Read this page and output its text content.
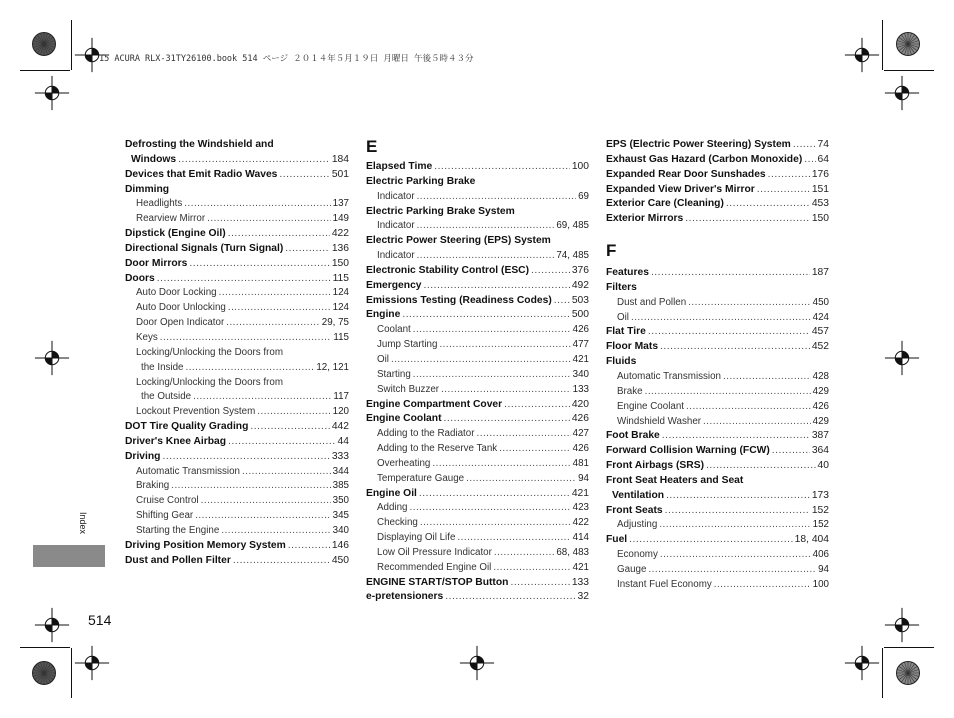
15 ACURA RLX-31TY26100.book 514 ページ ２０１４年５月１９日 月曜日 午後５時４３分
Defrosting the Windshield and
Windows .....	184
Devices that Emit Radio Waves .....	501
Dimming
Headlights .....	137
Rearview Mirror .....	149
Dipstick (Engine Oil) .....	422
Directional Signals (Turn Signal) .....	136
Door Mirrors .....	150
Doors .....	115
Auto Door Locking .....	124
Auto Door Unlocking .....	124
Door Open Indicator .....	29, 75
Keys .....	115
Locking/Unlocking the Doors from
the Inside .....	12, 121
Locking/Unlocking the Doors from
the Outside .....	117
Lockout Prevention System .....	120
DOT Tire Quality Grading .....	442
Driver's Knee Airbag .....	44
Driving .....	333
Automatic Transmission .....	344
Braking .....	385
Cruise Control .....	350
Shifting Gear .....	345
Starting the Engine .....	340
Driving Position Memory System .....	146
Dust and Pollen Filter .....	450
E
Elapsed Time .....	100
Electric Parking Brake
Indicator .....	69
Electric Parking Brake System
Indicator .....	69, 485
Electric Power Steering (EPS) System
Indicator .....	74, 485
Electronic Stability Control (ESC) .....	376
Emergency .....	492
Emissions Testing (Readiness Codes) ..... 503
Engine .....	500
Coolant .....	426
Jump Starting .....	477
Oil .....	421
Starting .....	340
Switch Buzzer .....	133
Engine Compartment Cover .....	420
Engine Coolant .....	426
Adding to the Radiator .....	427
Adding to the Reserve Tank .....	426
Overheating .....	481
Temperature Gauge .....	94
Engine Oil .....	421
Adding .....	423
Checking .....	422
Displaying Oil Life .....	414
Low Oil Pressure Indicator .....	68, 483
Recommended Engine Oil .....	421
ENGINE START/STOP Button .....	133
e-pretensioners .....	32
EPS (Electric Power Steering) System .....	74
Exhaust Gas Hazard (Carbon Monoxide) ..... 64
Expanded Rear Door Sunshades .....	176
Expanded View Driver's Mirror .....	151
Exterior Care (Cleaning) .....	453
Exterior Mirrors .....	150
F
Features .....	187
Filters
Dust and Pollen .....	450
Oil .....	424
Flat Tire .....	457
Floor Mats .....	452
Fluids
Automatic Transmission .....	428
Brake .....	429
Engine Coolant .....	426
Windshield Washer .....	429
Foot Brake .....	387
Forward Collision Warning (FCW) .....	364
Front Airbags (SRS) .....	40
Front Seat Heaters and Seat
Ventilation .....	173
Front Seats .....	152
Adjusting .....	152
Fuel .....	18, 404
Economy .....	406
Gauge .....	94
Instant Fuel Economy .....	100
Index
514
